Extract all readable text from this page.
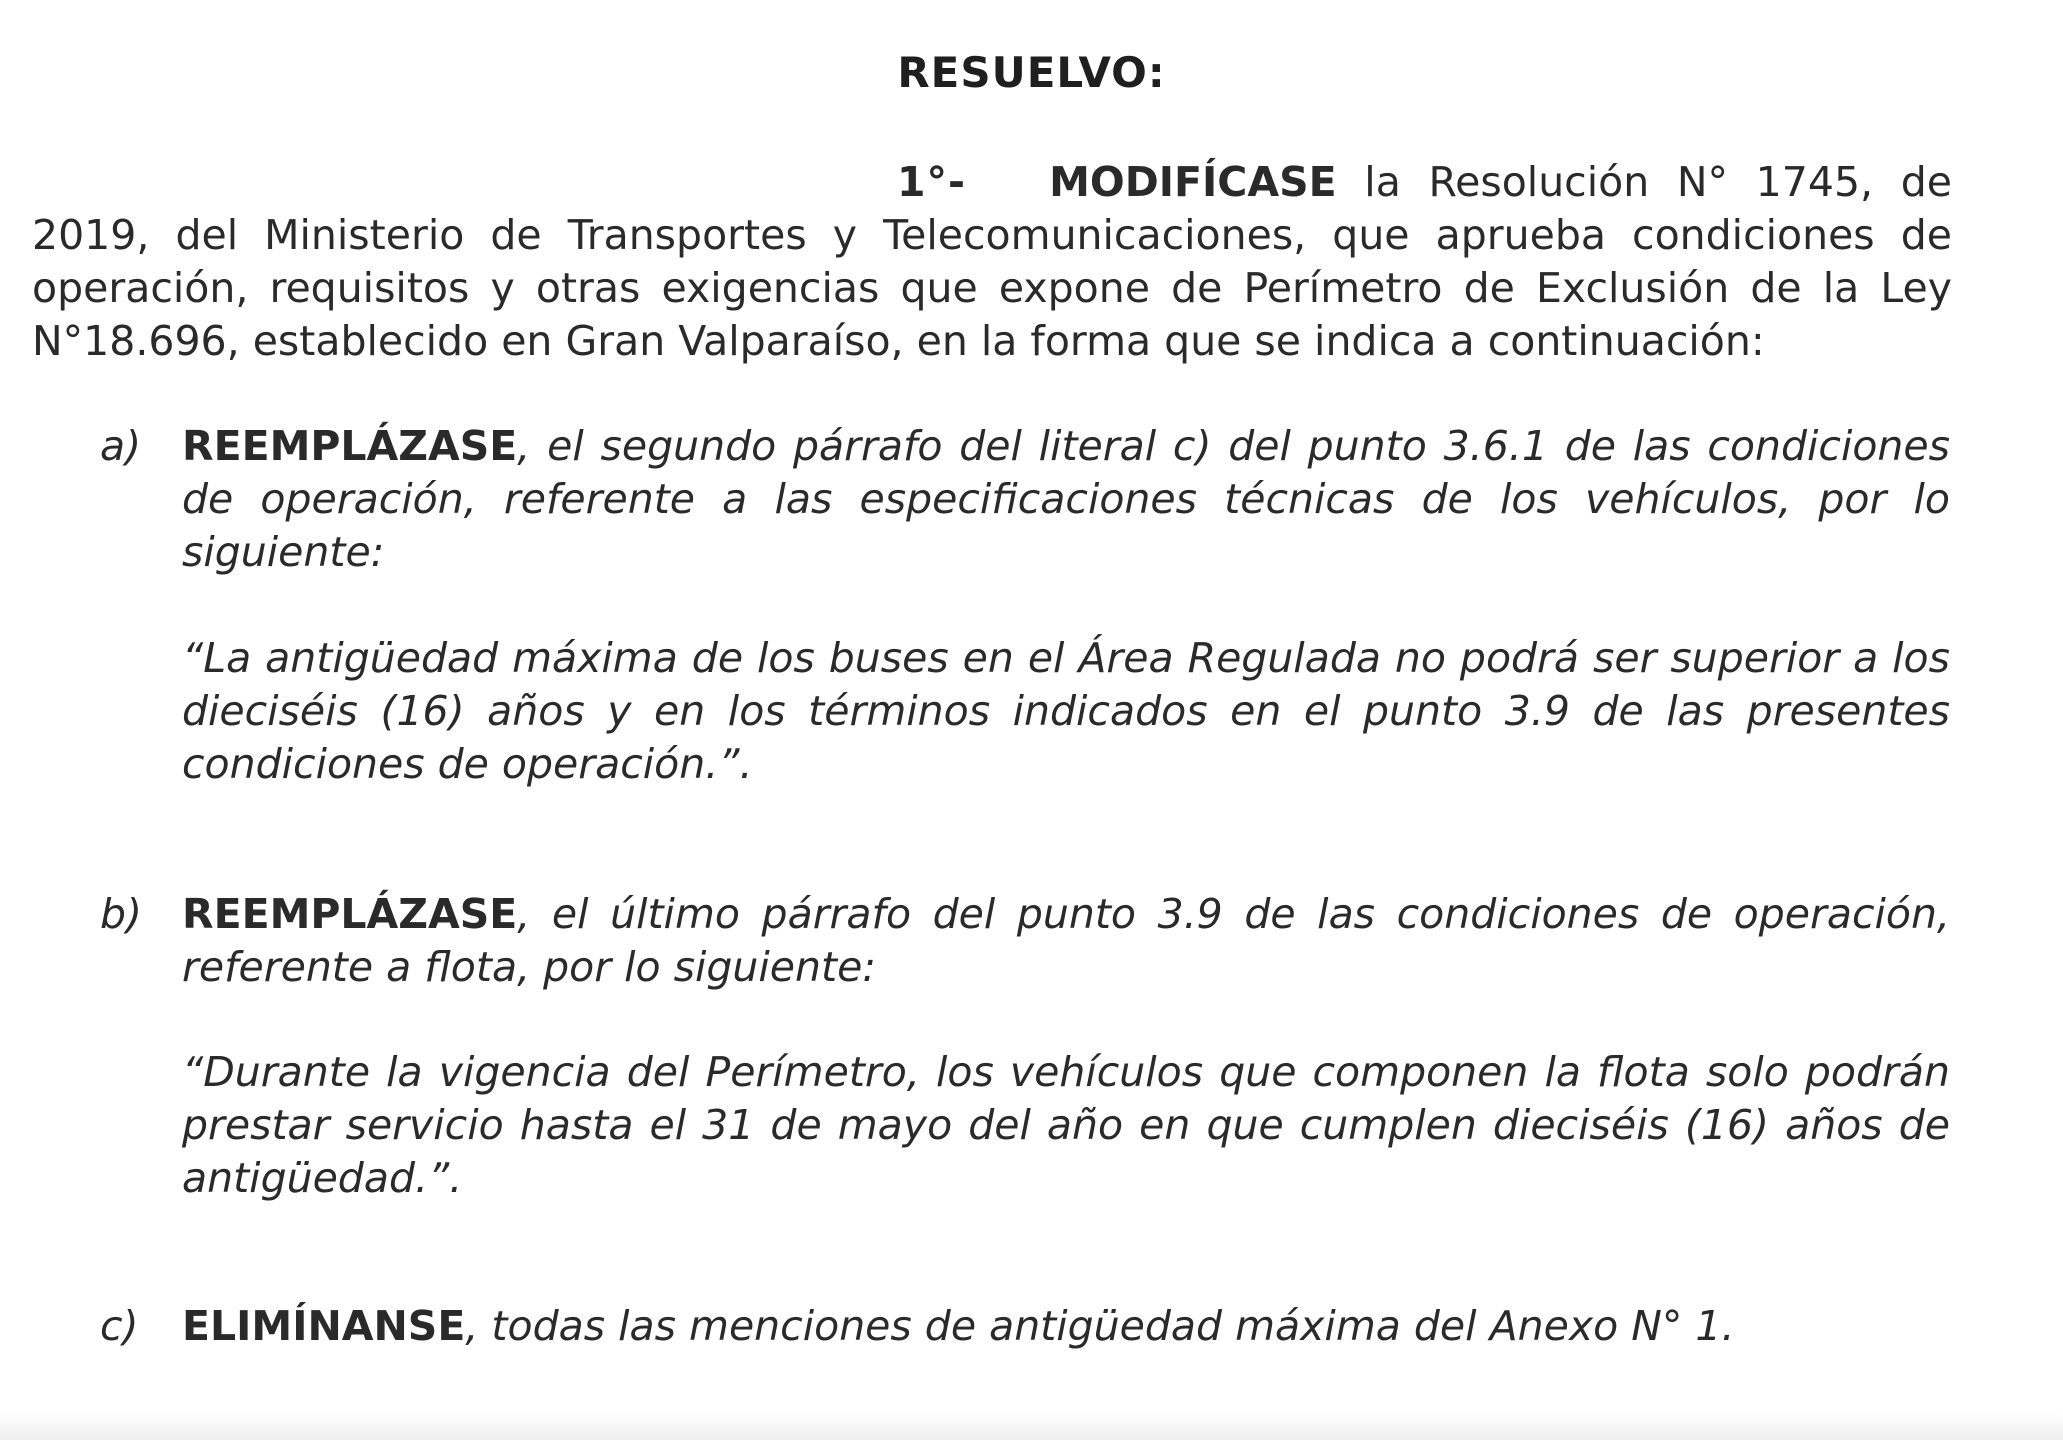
RESUELVO:
1°- MODIFÍCASE la Resolución N° 1745, de 2019, del Ministerio de Transportes y Telecomunicaciones, que aprueba condiciones de operación, requisitos y otras exigencias que expone de Perímetro de Exclusión de la Ley N°18.696, establecido en Gran Valparaíso, en la forma que se indica a continuación:
a) REEMPLÁZASE, el segundo párrafo del literal c) del punto 3.6.1 de las condiciones de operación, referente a las especificaciones técnicas de los vehículos, por lo siguiente:
“La antigüedad máxima de los buses en el Área Regulada no podrá ser superior a los dieciséis (16) años y en los términos indicados en el punto 3.9 de las presentes condiciones de operación.”.
b) REEMPLÁZASE, el último párrafo del punto 3.9 de las condiciones de operación, referente a flota, por lo siguiente:
“Durante la vigencia del Perímetro, los vehículos que componen la flota solo podrán prestar servicio hasta el 31 de mayo del año en que cumplen dieciséis (16) años de antigüedad.”.
c) ELIMÍNANSE, todas las menciones de antigüedad máxima del Anexo N° 1.
